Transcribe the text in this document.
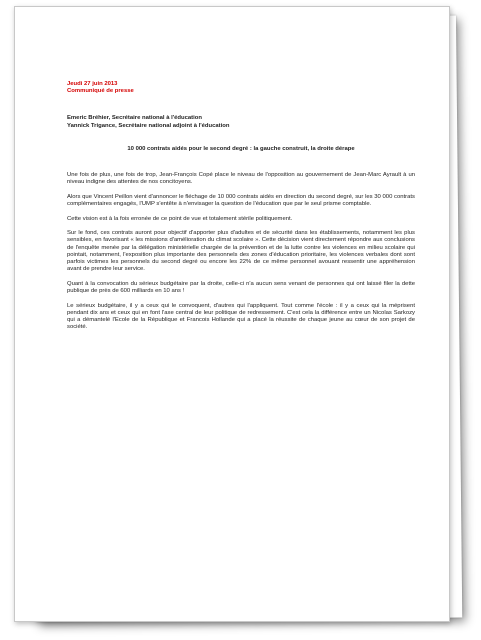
Jeudi 27 juin 2013
Communiqué de presse
Emeric Bréhier, Secrétaire national à l'éducation
Yannick Trigance, Secrétaire national adjoint à l'éducation
10 000 contrats aidés pour le second degré : la gauche construit, la droite dérape

Une fois de plus, une fois de trop, Jean-François Copé place le niveau de l'opposition au gouvernement de Jean-Marc Ayrault à un niveau indigne des attentes de nos concitoyens.

Alors que Vincent Peillon vient d'annoncer le fléchage de 10 000 contrats aidés en direction du second degré, sur les 30 000 contrats complémentaires engagés, l'UMP s'entête à n'envisager la question de l'éducation que par le seul prisme comptable.

Cette vision est à la fois erronée de ce point de vue et totalement stérile politiquement.

Sur le fond, ces contrats auront pour objectif d'apporter plus d'adultes et de sécurité dans les établissements, notamment les plus sensibles, en favorisant « les missions d'amélioration du climat scolaire ». Cette décision vient directement répondre aux conclusions de l'enquête menée par la délégation ministérielle chargée de la prévention et de la lutte contre les violences en milieu scolaire qui pointait, notamment, l'exposition plus importante des personnels des zones d'éducation prioritaire, les violences verbales dont sont parfois victimes les personnels du second degré ou encore les 22% de ce même personnel avouant ressentir une appréhension avant de prendre leur service.

Quant à la convocation du sérieux budgétaire par la droite, celle-ci n'a aucun sens venant de personnes qui ont laissé filer la dette publique de près de 600 milliards en 10 ans !

Le sérieux budgétaire, il y a ceux qui le convoquent, d'autres qui l'appliquent. Tout comme l'école : il y a ceux qui la méprisent pendant dix ans et ceux qui en font l'axe central de leur politique de redressement. C'est cela la différence entre un Nicolas Sarkozy qui a démantelé l'Ecole de la République et Francois Hollande qui a placé la réussite de chaque jeune au cœur de son projet de société.
